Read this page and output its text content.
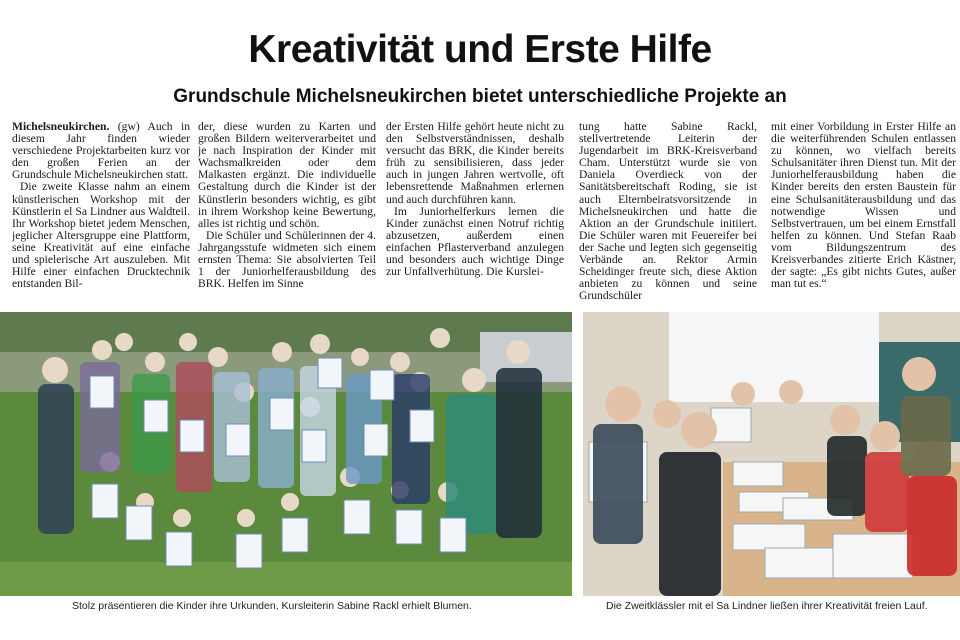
Kreativität und Erste Hilfe
Grundschule Michelsneukirchen bietet unterschiedliche Projekte an

Michelsneukirchen. (gw) Auch in diesem Jahr finden wieder verschiedene Projektarbeiten kurz vor den großen Ferien an der Grundschule Michelsneukirchen statt.

Die zweite Klasse nahm an einem künstlerischen Workshop mit der Künstlerin el Sa Lindner aus Waldteil. Ihr Workshop bietet jedem Menschen, jeglicher Altersgruppe eine Plattform, seine Kreativität auf eine einfache und spielerische Art auszuleben. Mit Hilfe einer einfachen Drucktechnik entstanden Bil-

der, diese wurden zu Karten und großen Bildern weiterverarbeitet und je nach Inspiration der Kinder mit Wachsmalkreiden oder dem Malkasten ergänzt. Die individuelle Gestaltung durch die Kinder ist der Künstlerin besonders wichtig, es gibt in ihrem Workshop keine Bewertung, alles ist richtig und schön.

Die Schüler und Schülerinnen der 4. Jahrgangsstufe widmeten sich einem ernsten Thema: Sie absolvierten Teil 1 der Juniorhelferausbildung des BRK. Helfen im Sinne

der Ersten Hilfe gehört heute nicht zu den Selbstverständnissen, deshalb versucht das BRK, die Kinder bereits früh zu sensibilisieren, dass jeder auch in jungen Jahren wertvolle, oft lebensrettende Maßnahmen erlernen und auch durchführen kann.

Im Juniorhelferkurs lernen die Kinder zunächst einen Notruf richtig abzusetzen, außerdem einen einfachen Pflasterverband anzulegen und besonders auch wichtige Dinge zur Unfallverhütung. Die Kurslei-

tung hatte Sabine Rackl, stellvertretende Leiterin der Jugendarbeit im BRK-Kreisverband Cham. Unterstützt wurde sie von Daniela Overdieck von der Sanitätsbereitschaft Roding, sie ist auch Elternbeiratsvorsitzende in Michelsneukirchen und hatte die Aktion an der Grundschule initiiert. Die Schüler waren mit Feuereifer bei der Sache und legten sich gegenseitig Verbände an. Rektor Armin Scheidinger freute sich, diese Aktion anbieten zu können und seine Grundschüler

mit einer Vorbildung in Erster Hilfe an die weiterführenden Schulen entlassen zu können, wo vielfach bereits Schulsanitäter ihren Dienst tun. Mit der Juniorhelferausbildung haben die Kinder bereits den ersten Baustein für eine Schulsanitäterausbildung und das notwendige Wissen und Selbstvertrauen, um bei einem Ernstfall helfen zu können. Und Stefan Raab vom Bildungszentrum des Kreisverbandes zitierte Erich Kästner, der sagte: „Es gibt nichts Gutes, außer man tut es.“

Stolz präsentieren die Kinder ihre Urkunden, Kursleiterin Sabine Rackl erhielt Blumen.	Die Zweitklässler mit el Sa Lindner ließen ihrer Kreativität freien Lauf.
